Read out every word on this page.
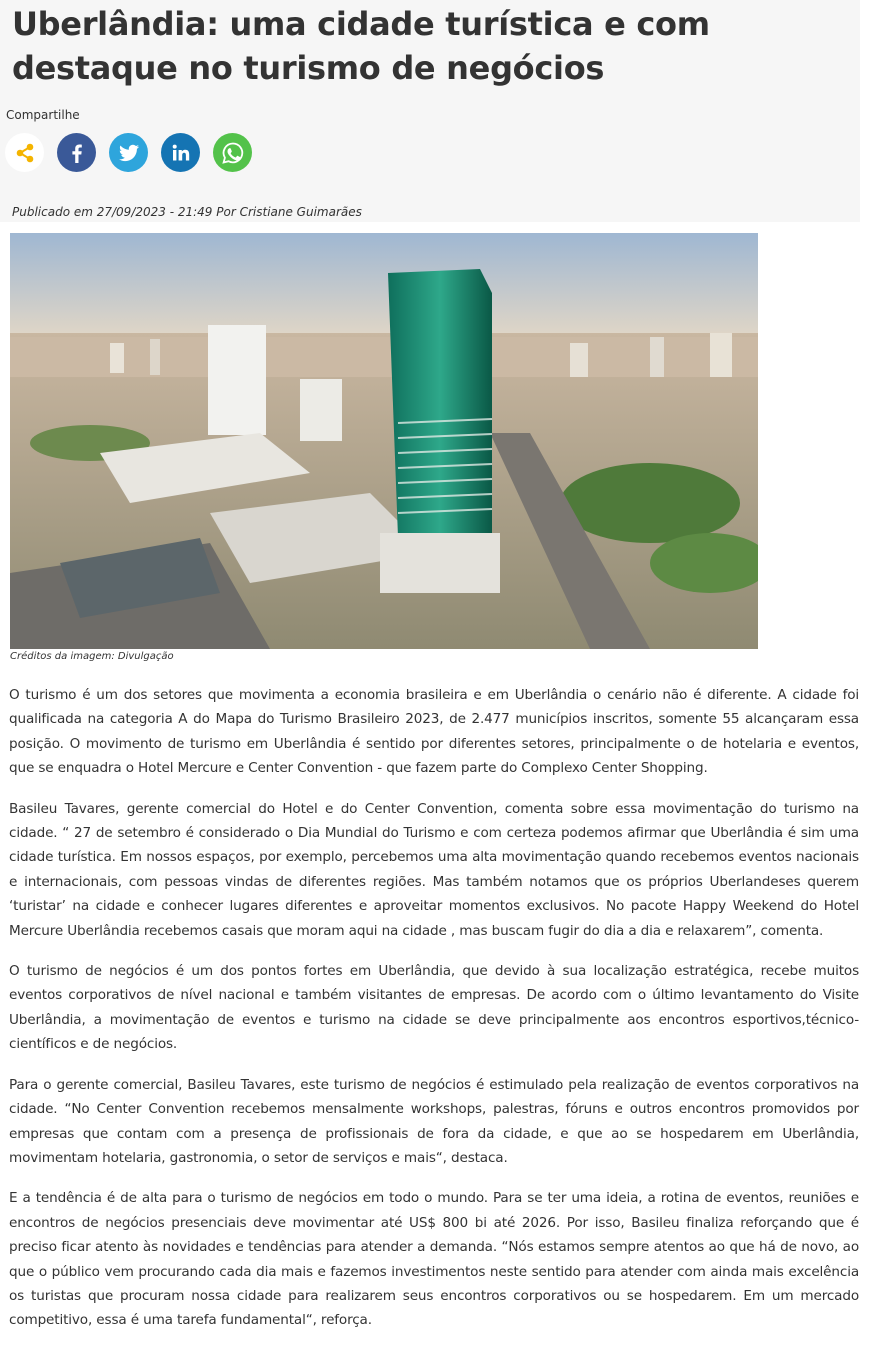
Uberlândia: uma cidade turística e com destaque no turismo de negócios
Compartilhe
Publicado em 27/09/2023 - 21:49 Por Cristiane Guimarães
Créditos da imagem: Divulgação

O turismo é um dos setores que movimenta a economia brasileira e em Uberlândia o cenário não é diferente. A cidade foi qualificada na categoria A do Mapa do Turismo Brasileiro 2023, de 2.477 municípios inscritos, somente 55 alcançaram essa posição. O movimento de turismo em Uberlândia é sentido por diferentes setores, principalmente o de hotelaria e eventos, que se enquadra o Hotel Mercure e Center Convention - que fazem parte do Complexo Center Shopping.

Basileu Tavares, gerente comercial do Hotel e do Center Convention, comenta sobre essa movimentação do turismo na cidade. “ 27 de setembro é considerado o Dia Mundial do Turismo e com certeza podemos afirmar que Uberlândia é sim uma cidade turística. Em nossos espaços, por exemplo, percebemos uma alta movimentação quando recebemos eventos nacionais e internacionais, com pessoas vindas de diferentes regiões. Mas também notamos que os próprios Uberlandeses querem ‘turistar’ na cidade e conhecer lugares diferentes e aproveitar momentos exclusivos. No pacote Happy Weekend do Hotel Mercure Uberlândia recebemos casais que moram aqui na cidade , mas buscam fugir do dia a dia e relaxarem”, comenta.

O turismo de negócios é um dos pontos fortes em Uberlândia, que devido à sua localização estratégica, recebe muitos eventos corporativos de nível nacional e também visitantes de empresas. De acordo com o último levantamento do Visite Uberlândia, a movimentação de eventos e turismo na cidade se deve principalmente aos encontros esportivos,técnico-científicos e de negócios.

Para o gerente comercial, Basileu Tavares, este turismo de negócios é estimulado pela realização de eventos corporativos na cidade. “No Center Convention recebemos mensalmente workshops, palestras, fóruns e outros encontros promovidos por empresas que contam com a presença de profissionais de fora da cidade, e que ao se hospedarem em Uberlândia, movimentam hotelaria, gastronomia, o setor de serviços e mais“, destaca.

E a tendência é de alta para o turismo de negócios em todo o mundo. Para se ter uma ideia, a rotina de eventos, reuniões e encontros de negócios presenciais deve movimentar até US$ 800 bi até 2026. Por isso, Basileu finaliza reforçando que é preciso ficar atento às novidades e tendências para atender a demanda. “Nós estamos sempre atentos ao que há de novo, ao que o público vem procurando cada dia mais e fazemos investimentos neste sentido para atender com ainda mais excelência os turistas que procuram nossa cidade para realizarem seus encontros corporativos ou se hospedarem. Em um mercado competitivo, essa é uma tarefa fundamental“, reforça.
